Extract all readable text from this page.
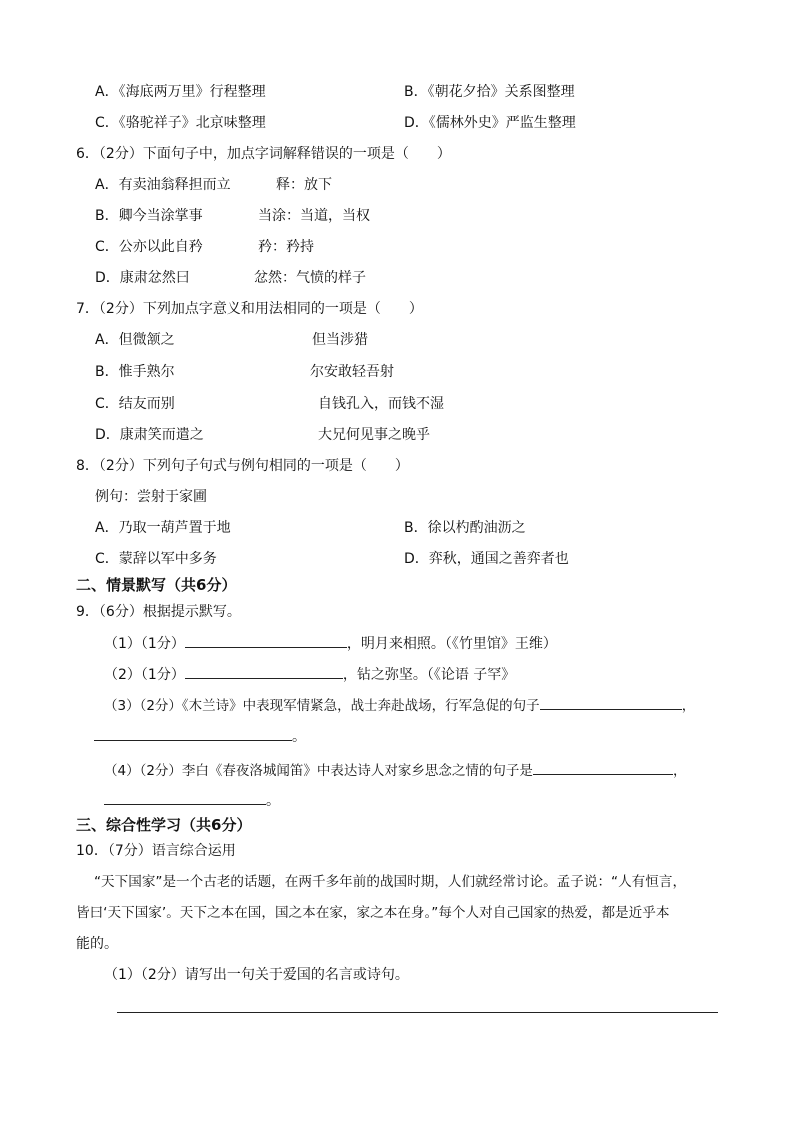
A．《海底两万里》行程整理	B．《朝花夕拾》关系图整理
C．《骆驼祥子》北京味整理	D．《儒林外史》严监生整理
6．（2分）下面句子中，加点字词解释错误的一项是（　　）
A．有卖油翁释担而立	释：放下
B．卿今当涂掌事	当涂：当道，当权
C．公亦以此自矜	矜：矜持
D．康肃忿然曰	忿然：气愤的样子
7．（2分）下列加点字意义和用法相同的一项是（　　）
A．但微颔之	但当涉猎
B．惟手熟尔	尔安敢轻吾射
C．结友而别	自钱孔入，而钱不湿
D．康肃笑而遣之	大兄何见事之晚乎
8．（2分）下列句子句式与例句相同的一项是（　　）
例句：尝射于家圃
A．乃取一葫芦置于地	B．徐以杓酌油沥之
C．蒙辞以军中多务	D．弈秋，通国之善弈者也
二、情景默写（共6分）
9．（6分）根据提示默写。
（1）（1分）	，明月来相照。（《竹里馆》王维）
（2）（1分）	，钻之弥坚。（《论语 子罕》
（3）（2分）《木兰诗》中表现军情紧急，战士奔赴战场，行军急促的句子	，
。
（4）（2分）李白《春夜洛城闻笛》中表达诗人对家乡思念之情的句子是	，
。
三、综合性学习（共6分）
10．（7分）语言综合运用
“天下国家”是一个古老的话题，在两千多年前的战国时期，人们就经常讨论。孟子说：“人有恒言，
皆曰‘天下国家’。天下之本在国，国之本在家，家之本在身。”每个人对自己国家的热爱，都是近乎本
能的。
（1）（2分）请写出一句关于爱国的名言或诗句。
